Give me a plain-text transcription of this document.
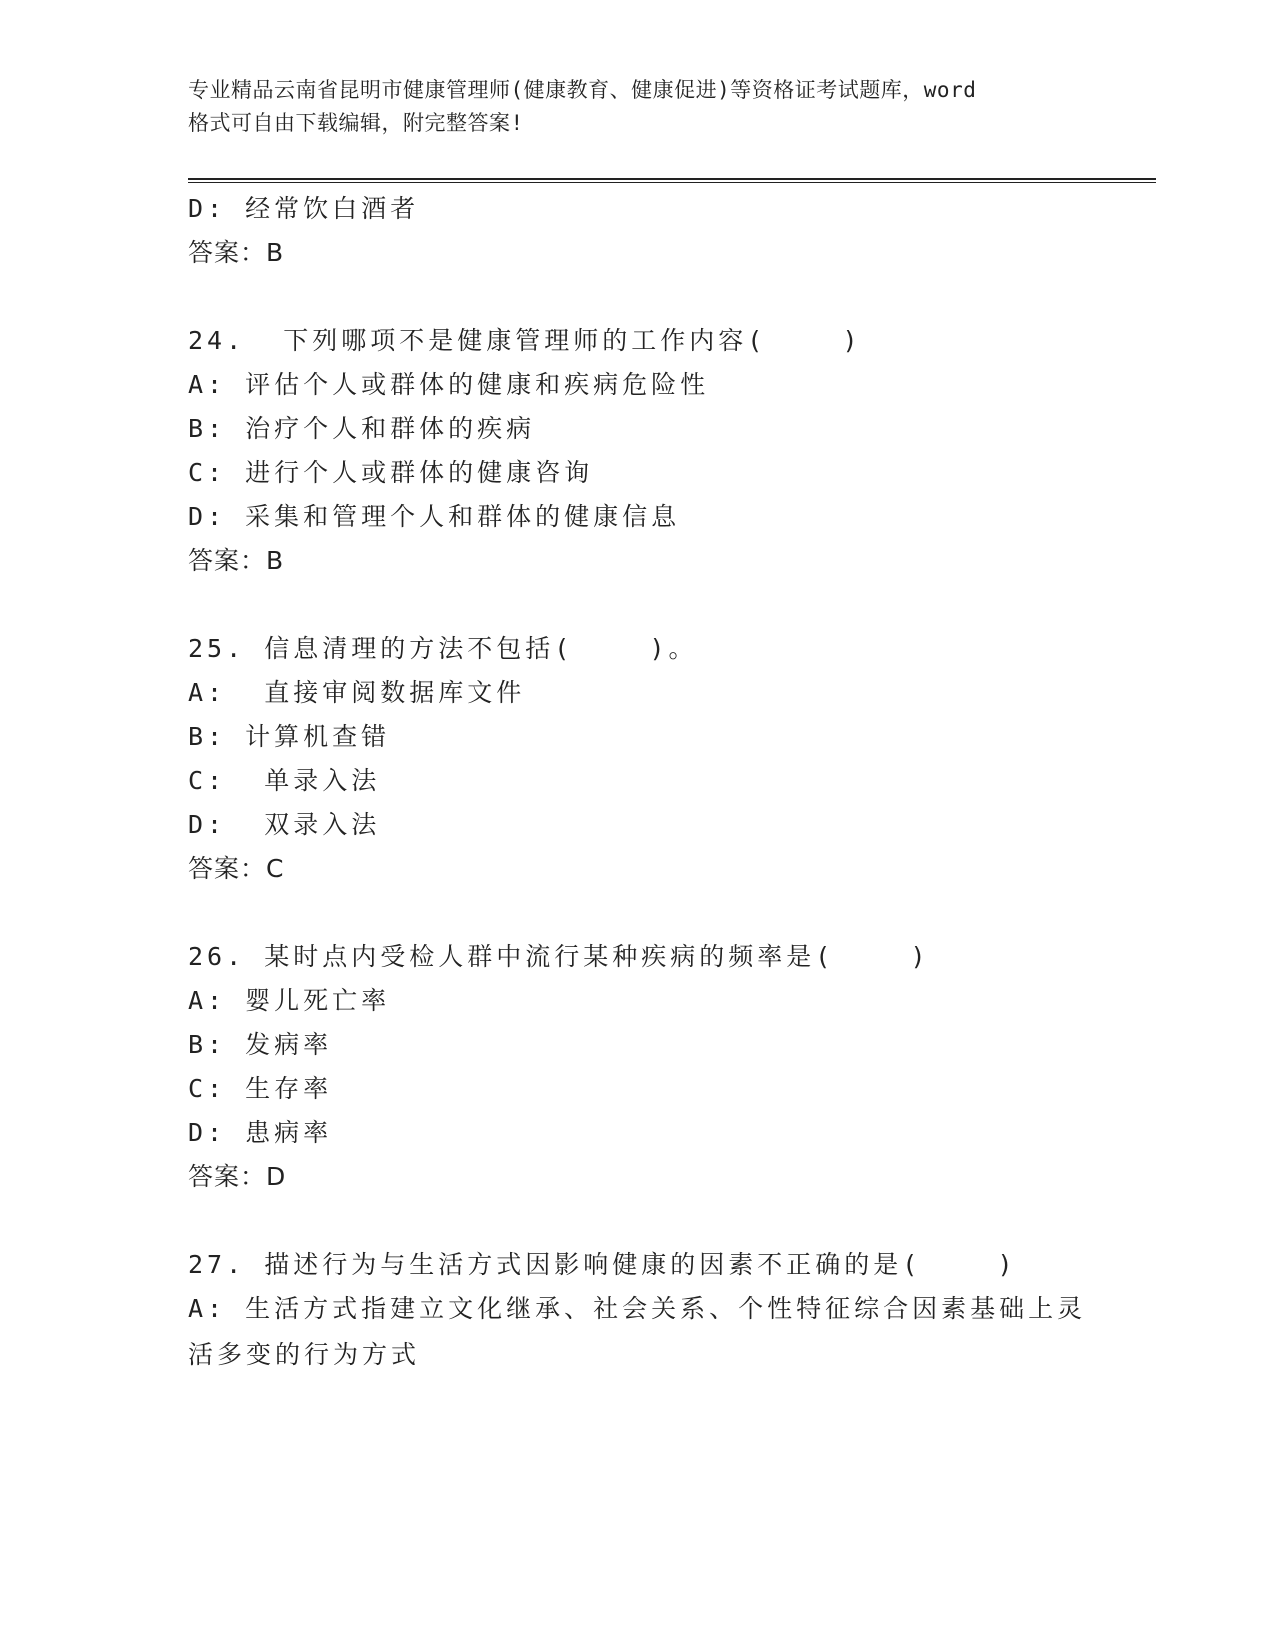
专业精品云南省昆明市健康管理师(健康教育、健康促进)等资格证考试题库，word
格式可自由下载编辑，附完整答案!
D: 经常饮白酒者
答案：B
24.  下列哪项不是健康管理师的工作内容(    )
A: 评估个人或群体的健康和疾病危险性
B: 治疗个人和群体的疾病
C: 进行个人或群体的健康咨询
D: 采集和管理个人和群体的健康信息
答案：B
25. 信息清理的方法不包括(    )。
A:  直接审阅数据库文件
B: 计算机查错
C:  单录入法
D:  双录入法
答案：C
26. 某时点内受检人群中流行某种疾病的频率是(    )
A: 婴儿死亡率
B: 发病率
C: 生存率
D: 患病率
答案：D
27. 描述行为与生活方式因影响健康的因素不正确的是(    )
A: 生活方式指建立文化继承、社会关系、个性特征综合因素基础上灵活多变的行为方式
